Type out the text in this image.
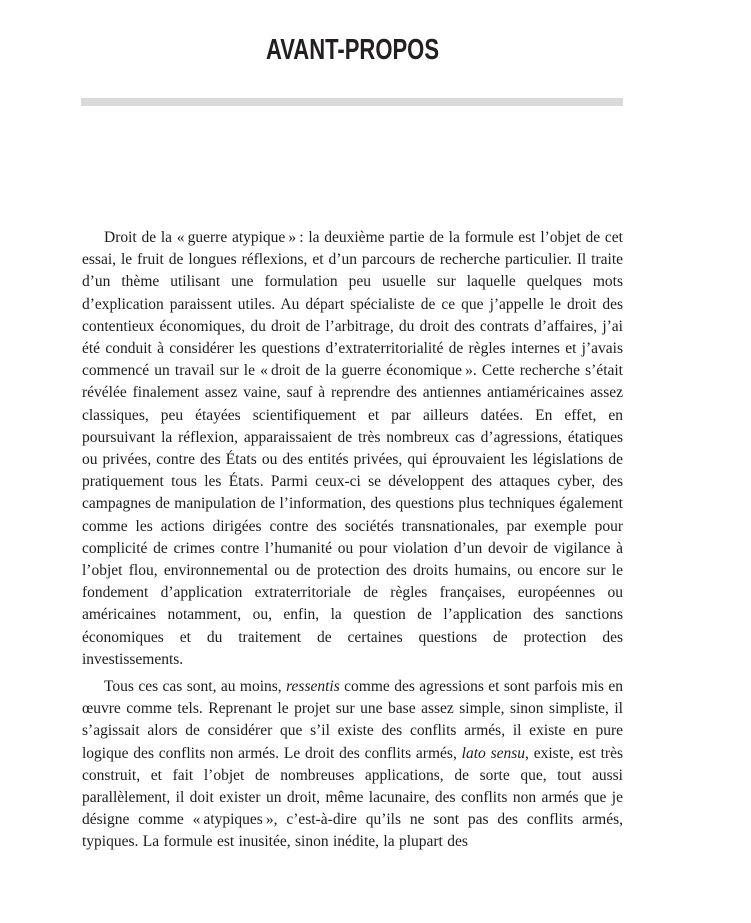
AVANT-PROPOS

Droit de la « guerre atypique » : la deuxième partie de la formule est l’objet de cet essai, le fruit de longues réflexions, et d’un parcours de recherche particulier. Il traite d’un thème utilisant une formulation peu usuelle sur laquelle quelques mots d’explication paraissent utiles. Au départ spécialiste de ce que j’appelle le droit des contentieux économiques, du droit de l’arbitrage, du droit des contrats d’affaires, j’ai été conduit à considérer les questions d’extraterritorialité de règles internes et j’avais commencé un travail sur le « droit de la guerre économique ». Cette recherche s’était révélée finalement assez vaine, sauf à reprendre des antiennes antiaméricaines assez classiques, peu étayées scientifiquement et par ailleurs datées. En effet, en poursuivant la réflexion, apparaissaient de très nombreux cas d’agressions, étatiques ou privées, contre des États ou des entités privées, qui éprouvaient les législations de pratiquement tous les États. Parmi ceux-ci se développent des attaques cyber, des campagnes de manipulation de l’information, des questions plus techniques également comme les actions dirigées contre des sociétés transnationales, par exemple pour complicité de crimes contre l’humanité ou pour violation d’un devoir de vigilance à l’objet flou, environnemental ou de protection des droits humains, ou encore sur le fondement d’application extraterritoriale de règles françaises, européennes ou américaines notamment, ou, enfin, la question de l’application des sanctions économiques et du traitement de certaines questions de protection des investissements.

Tous ces cas sont, au moins, ressentis comme des agressions et sont parfois mis en œuvre comme tels. Reprenant le projet sur une base assez simple, sinon simpliste, il s’agissait alors de considérer que s’il existe des conflits armés, il existe en pure logique des conflits non armés. Le droit des conflits armés, lato sensu, existe, est très construit, et fait l’objet de nombreuses applications, de sorte que, tout aussi parallèlement, il doit exister un droit, même lacunaire, des conflits non armés que je désigne comme « atypiques », c’est-à-dire qu’ils ne sont pas des conflits armés, typiques. La formule est inusitée, sinon inédite, la plupart des
